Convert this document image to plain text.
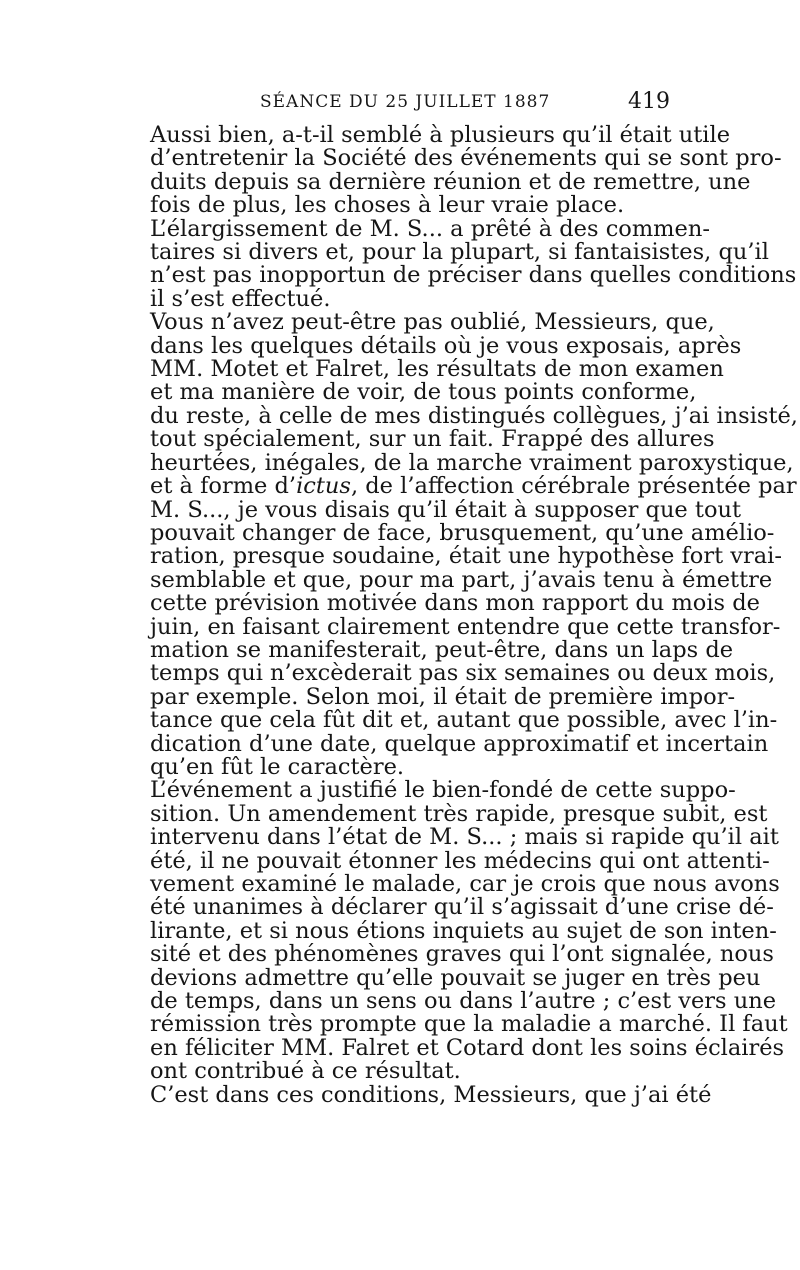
SÉANCE DU 25 JUILLET 1887	419

Aussi bien, a-t-il semblé à plusieurs qu’il était utile
d’entretenir la Société des événements qui se sont pro-
duits depuis sa dernière réunion et de remettre, une
fois de plus, les choses à leur vraie place.

L’élargissement de M. S... a prêté à des commen-
taires si divers et, pour la plupart, si fantaisistes, qu’il
n’est pas inopportun de préciser dans quelles conditions
il s’est effectué.

Vous n’avez peut-être pas oublié, Messieurs, que,
dans les quelques détails où je vous exposais, après
MM. Motet et Falret, les résultats de mon examen
et ma manière de voir, de tous points conforme,
du reste, à celle de mes distingués collègues, j’ai insisté,
tout spécialement, sur un fait. Frappé des allures
heurtées, inégales, de la marche vraiment paroxystique,
et à forme d’ictus, de l’affection cérébrale présentée par
M. S..., je vous disais qu’il était à supposer que tout
pouvait changer de face, brusquement, qu’une amélio-
ration, presque soudaine, était une hypothèse fort vrai-
semblable et que, pour ma part, j’avais tenu à émettre
cette prévision motivée dans mon rapport du mois de
juin, en faisant clairement entendre que cette transfor-
mation se manifesterait, peut-être, dans un laps de
temps qui n’excèderait pas six semaines ou deux mois,
par exemple. Selon moi, il était de première impor-
tance que cela fût dit et, autant que possible, avec l’in-
dication d’une date, quelque approximatif et incertain
qu’en fût le caractère.

L’événement a justifié le bien-fondé de cette suppo-
sition. Un amendement très rapide, presque subit, est
intervenu dans l’état de M. S... ; mais si rapide qu’il ait
été, il ne pouvait étonner les médecins qui ont attenti-
vement examiné le malade, car je crois que nous avons
été unanimes à déclarer qu’il s’agissait d’une crise dé-
lirante, et si nous étions inquiets au sujet de son inten-
sité et des phénomènes graves qui l’ont signalée, nous
devions admettre qu’elle pouvait se juger en très peu
de temps, dans un sens ou dans l’autre ; c’est vers une
rémission très prompte que la maladie a marché. Il faut
en féliciter MM. Falret et Cotard dont les soins éclairés
ont contribué à ce résultat.

C’est dans ces conditions, Messieurs, que j’ai été
